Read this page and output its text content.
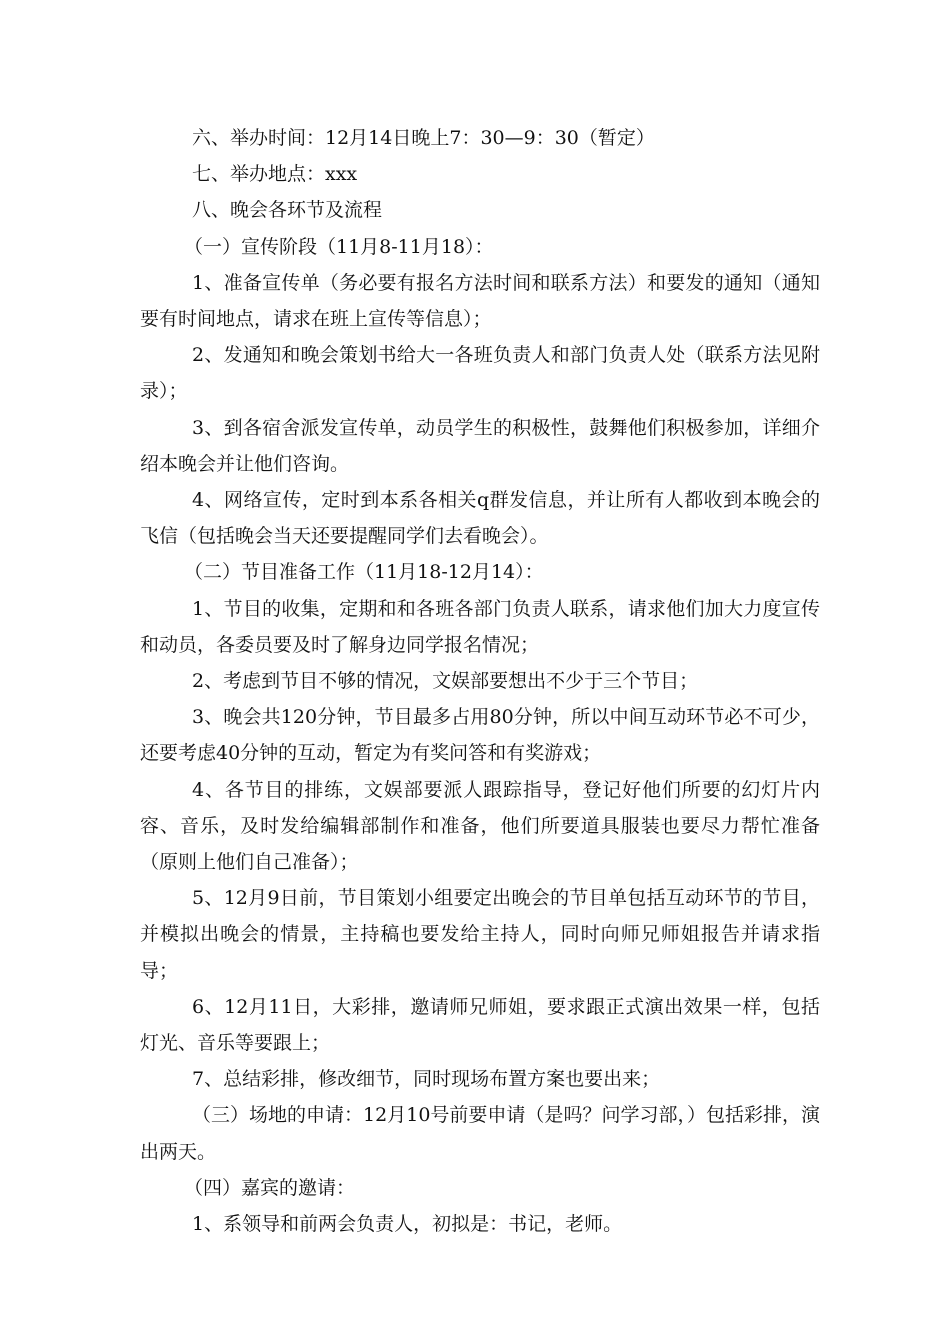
六、举办时间：12月14日晚上7：30—9：30（暂定）

七、举办地点：xxx

八、晚会各环节及流程

（一）宣传阶段（11月8-11月18）：

1、准备宣传单（务必要有报名方法时间和联系方法）和要发的通知（通知要有时间地点，请求在班上宣传等信息）；

2、发通知和晚会策划书给大一各班负责人和部门负责人处（联系方法见附录）；

3、到各宿舍派发宣传单，动员学生的积极性，鼓舞他们积极参加，详细介绍本晚会并让他们咨询。

4、网络宣传，定时到本系各相关q群发信息，并让所有人都收到本晚会的飞信（包括晚会当天还要提醒同学们去看晚会）。

（二）节目准备工作（11月18-12月14）：

1、节目的收集，定期和和各班各部门负责人联系，请求他们加大力度宣传和动员，各委员要及时了解身边同学报名情况；

2、考虑到节目不够的情况，文娱部要想出不少于三个节目；

3、晚会共120分钟，节目最多占用80分钟，所以中间互动环节必不可少，还要考虑40分钟的互动，暂定为有奖问答和有奖游戏；

4、各节目的排练，文娱部要派人跟踪指导，登记好他们所要的幻灯片内容、音乐，及时发给编辑部制作和准备，他们所要道具服装也要尽力帮忙准备（原则上他们自己准备）；

5、12月9日前，节目策划小组要定出晚会的节目单包括互动环节的节目，并模拟出晚会的情景，主持稿也要发给主持人，同时向师兄师姐报告并请求指导；

6、12月11日，大彩排，邀请师兄师姐，要求跟正式演出效果一样，包括灯光、音乐等要跟上；

7、总结彩排，修改细节，同时现场布置方案也要出来；

（三）场地的申请：12月10号前要申请（是吗？问学习部，）包括彩排，演出两天。

（四）嘉宾的邀请：

1、系领导和前两会负责人，初拟是：书记，老师。
